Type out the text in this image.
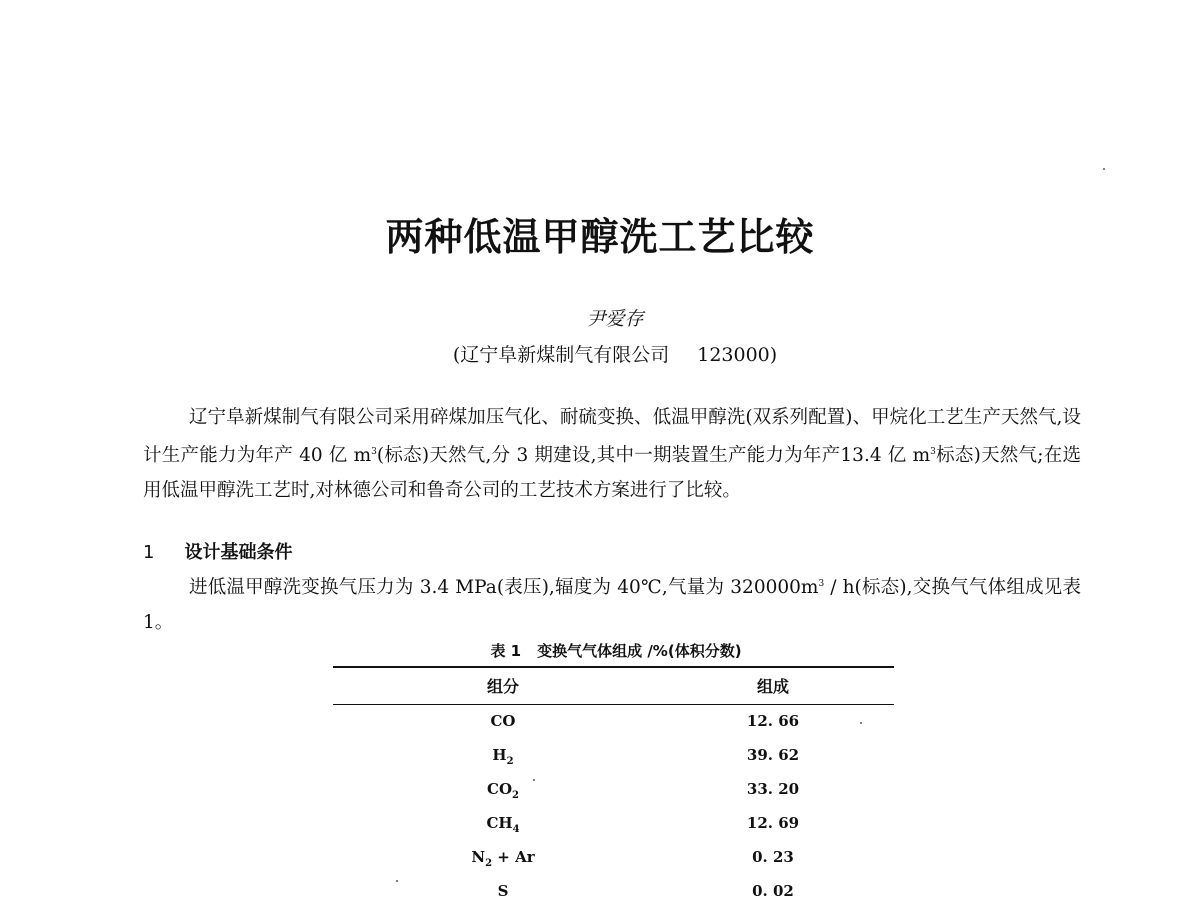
两种低温甲醇洗工艺比较
尹爱存
(辽宁阜新煤制气有限公司 123000)
辽宁阜新煤制气有限公司采用碎煤加压气化、耐硫变换、低温甲醇洗(双系列配置)、甲烷化工艺生产天然气,设计生产能力为年产 40 亿 $m^3$(标态)天然气,分 3 期建设,其中一期装置生产能力为年产13.4 亿 $m^3$标态)天然气;在选用低温甲醇洗工艺时,对林德公司和鲁奇公司的工艺技术方案进行了比较。
1 设计基础条件
进低温甲醇洗变换气压力为 3.4 MPa(表压),辐度为 40℃,气量为 $320000m^3 / h$(标态),交换气气体组成见表 1。
表 1 变换气气体组成 /%(体积分数)
组分	组成
CO	12. 66
$H_2$	39. 62
$CO_2$	33. 20
$CH_4$	12. 69
$N_2 + Ar$	0. 23
S	0. 02
